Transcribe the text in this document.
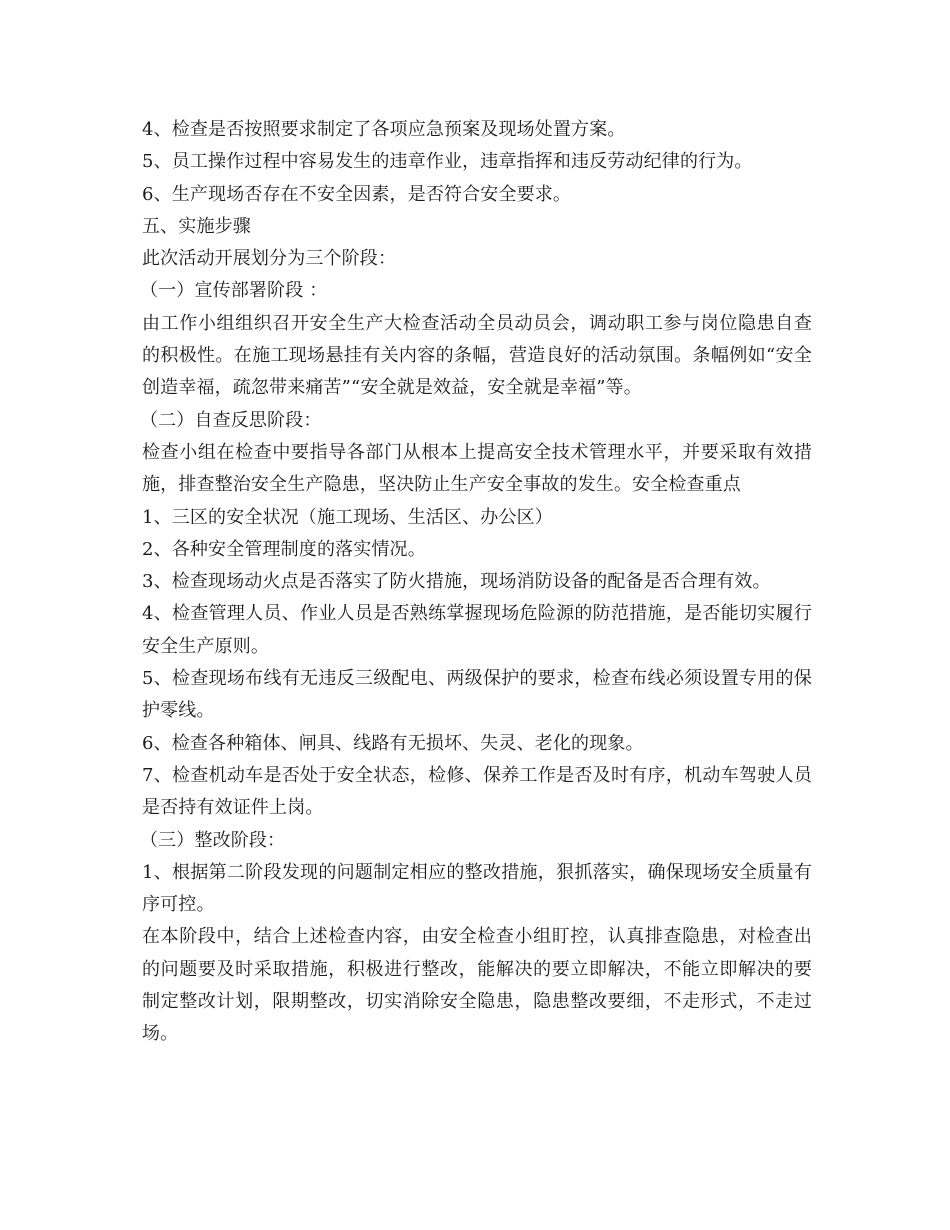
4、检查是否按照要求制定了各项应急预案及现场处置方案。

5、员工操作过程中容易发生的违章作业，违章指挥和违反劳动纪律的行为。

6、生产现场否存在不安全因素，是否符合安全要求。

五、实施步骤

此次活动开展划分为三个阶段：

（一）宣传部署阶段 ：

由工作小组组织召开安全生产大检查活动全员动员会，调动职工参与岗位隐患自查的积极性。在施工现场悬挂有关内容的条幅，营造良好的活动氛围。条幅例如“安全创造幸福，疏忽带来痛苦”“安全就是效益，安全就是幸福”等。

（二）自查反思阶段：

检查小组在检查中要指导各部门从根本上提高安全技术管理水平，并要采取有效措施，排查整治安全生产隐患，坚决防止生产安全事故的发生。安全检查重点

1、三区的安全状况（施工现场、生活区、办公区）

2、各种安全管理制度的落实情况。

3、检查现场动火点是否落实了防火措施，现场消防设备的配备是否合理有效。

4、检查管理人员、作业人员是否熟练掌握现场危险源的防范措施，是否能切实履行安全生产原则。

5、检查现场布线有无违反三级配电、两级保护的要求，检查布线必须设置专用的保护零线。

6、检查各种箱体、闸具、线路有无损坏、失灵、老化的现象。

7、检查机动车是否处于安全状态，检修、保养工作是否及时有序，机动车驾驶人员是否持有效证件上岗。

（三）整改阶段：

1、根据第二阶段发现的问题制定相应的整改措施，狠抓落实，确保现场安全质量有序可控。

在本阶段中，结合上述检查内容，由安全检查小组盯控，认真排查隐患，对检查出的问题要及时采取措施，积极进行整改，能解决的要立即解决，不能立即解决的要制定整改计划，限期整改，切实消除安全隐患，隐患整改要细，不走形式，不走过场。
